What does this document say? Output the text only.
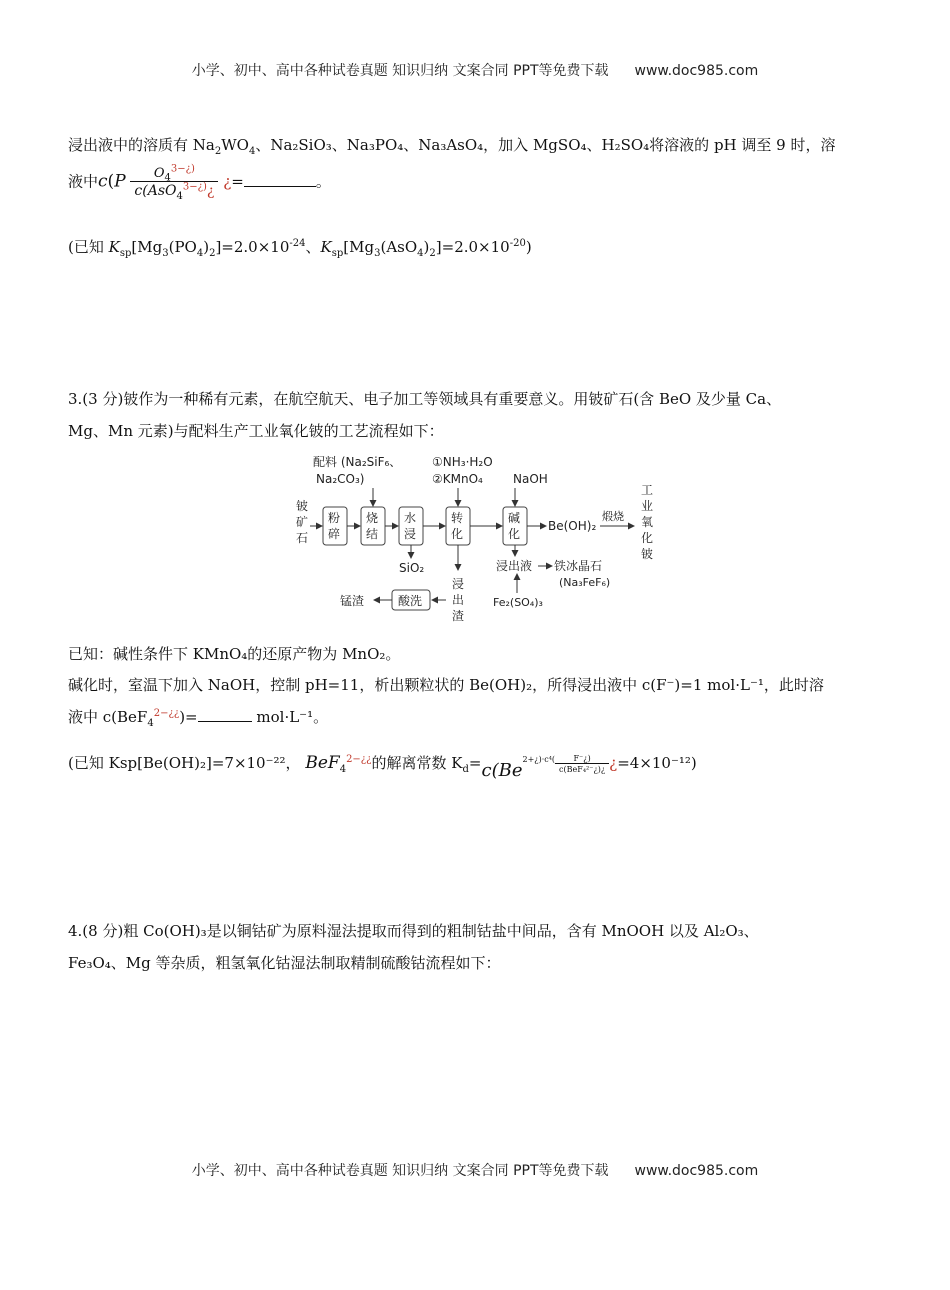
小学、初中、高中各种试卷真题 知识归纳 文案合同 PPT等免费下载 www.doc985.com
浸出液中的溶质有 $Na_2WO_4$、Na₂SiO₃、Na₃PO₄、Na₃AsO₄，加入 MgSO₄、H₂SO₄将溶液的 pH 调至 9 时，溶
液中$c(P \frac{O_4^{3-¿)}}{c(AsO_4^{3-¿)}¿}$ ¿=	。
(已知 $K_{sp}[Mg_3(PO_4)_2]=2.0\times 10^{-24}$、$K_{sp}[Mg_3(AsO_4)_2]=2.0\times 10^{-20}$)
3.(3 分)铍作为一种稀有元素，在航空航天、电子加工等领域具有重要意义。用铍矿石(含 BeO 及少量 Ca、
Mg、Mn 元素)与配料生产工业氧化铍的工艺流程如下：
配料 (Na₂SiF₆、
Na₂CO₃)
①NH₃·H₂O
②KMnO₄	NaOH
铍
矿
石
粉
碎
烧
结
水
浸
转
化
碱
化
Be(OH)₂
煅烧
工
业
氧
化
铍
SiO₂	浸出液 铁冰晶石
(Na₃FeF₆)
Fe₂(SO₄)₃
浸
出
渣
酸洗
锰渣
已知：碱性条件下 KMnO₄的还原产物为 MnO₂。
碱化时，室温下加入 NaOH，控制 pH=11，析出颗粒状的 Be(OH)₂，所得浸出液中 c(F⁻)=1 mol·L⁻¹，此时溶
液中 c(BeF$_4^{2-¿¿}$)=	mol·L⁻¹。
(已知 Ksp[Be(OH)₂]=7×10⁻²²， BeF$_4^{2-¿¿}$的解离常数 $K_d=c(Be^{2+¿)\cdot c^4(} \frac{F^-¿)}{\text{c(BeF₄²⁻¿)¿}}$ ¿=4×10⁻¹²)
4.(8 分)粗 Co(OH)₃是以铜钴矿为原料湿法提取而得到的粗制钴盐中间品，含有 MnOOH 以及 Al₂O₃、
Fe₃O₄、Mg 等杂质，粗氢氧化钴湿法制取精制硫酸钴流程如下：
小学、初中、高中各种试卷真题 知识归纳 文案合同 PPT等免费下载 www.doc985.com
